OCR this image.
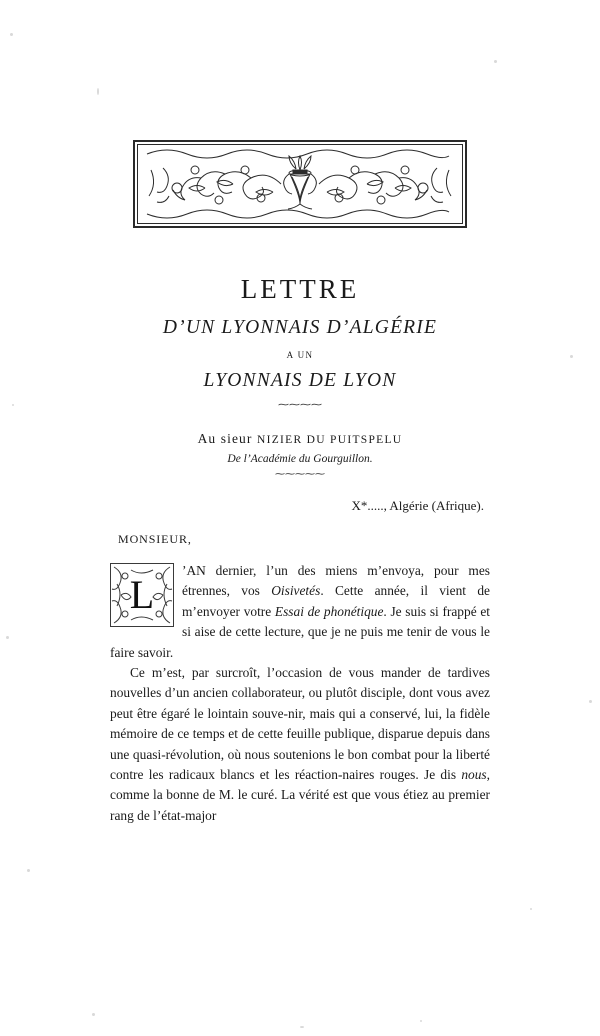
LETTRE
D’UN LYONNAIS D’ALGÉRIE
A UN
LYONNAIS DE LYON
⁓⁓⁓⁓
Au sieur NIZIER DU PUITSPELU
De l’Académie du Gourguillon.
⁓⁓⁓⁓⁓
X*....., Algérie (Afrique).
MONSIEUR,
L
’AN dernier, l’un des miens m’envoya, pour mes étrennes, vos Oisivetés. Cette année, il vient de m’envoyer votre Essai de phonétique. Je suis si frappé et si aise de cette lecture, que je ne puis me tenir de vous le faire savoir.

Ce m’est, par surcroît, l’occasion de vous mander de tardives nouvelles d’un ancien collaborateur, ou plutôt disciple, dont vous avez peut être égaré le lointain souve-nir, mais qui a conservé, lui, la fidèle mémoire de ce temps et de cette feuille publique, disparue depuis dans une quasi-révolution, où nous soutenions le bon combat pour la liberté contre les radicaux blancs et les réaction-naires rouges. Je dis nous, comme la bonne de M. le curé. La vérité est que vous étiez au premier rang de l’état-major
